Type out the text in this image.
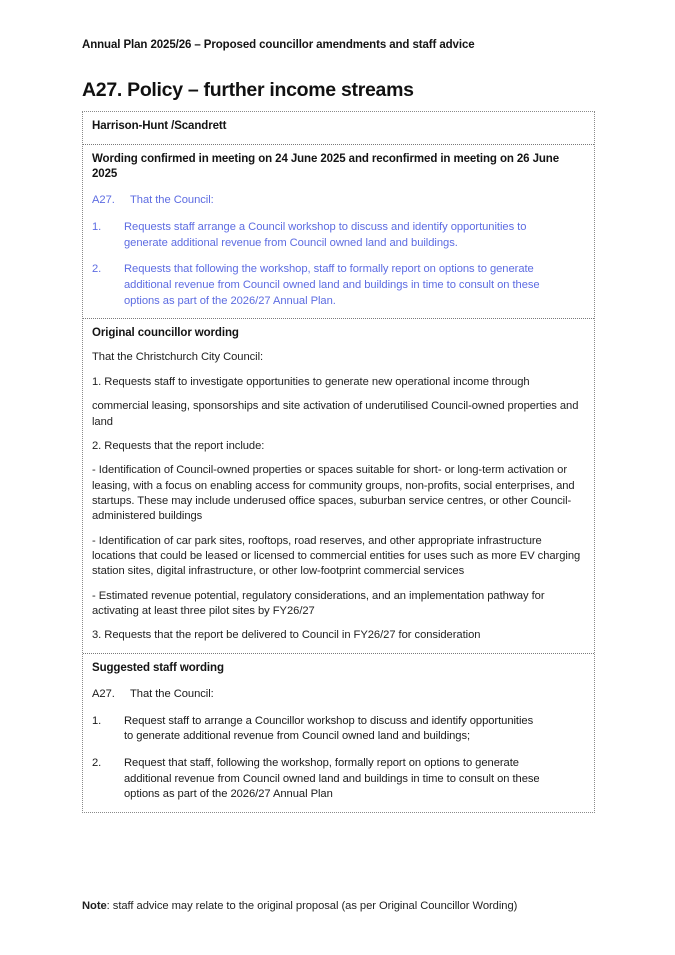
Annual Plan 2025/26 – Proposed councillor amendments and staff advice
A27. Policy – further income streams
Harrison-Hunt /Scandrett
Wording confirmed in meeting on 24 June 2025 and reconfirmed in meeting on 26 June 2025
A27.	That the Council:
1.	Requests staff arrange a Council workshop to discuss and identify opportunities to generate additional revenue from Council owned land and buildings.
2.	Requests that following the workshop, staff to formally report on options to generate additional revenue from Council owned land and buildings in time to consult on these options as part of the 2026/27 Annual Plan.
Original councillor wording

That the Christchurch City Council:

1. Requests staff to investigate opportunities to generate new operational income through

commercial leasing, sponsorships and site activation of underutilised Council-owned properties and land

2. Requests that the report include:

- Identification of Council-owned properties or spaces suitable for short- or long-term activation or leasing, with a focus on enabling access for community groups, non-profits, social enterprises, and startups. These may include underused office spaces, suburban service centres, or other Council-administered buildings

- Identification of car park sites, rooftops, road reserves, and other appropriate infrastructure locations that could be leased or licensed to commercial entities for uses such as more EV charging station sites, digital infrastructure, or other low-footprint commercial services

- Estimated revenue potential, regulatory considerations, and an implementation pathway for activating at least three pilot sites by FY26/27

3. Requests that the report be delivered to Council in FY26/27 for consideration

Suggested staff wording
A27.	That the Council:
1.	Request staff to arrange a Councillor workshop to discuss and identify opportunities to generate additional revenue from Council owned land and buildings;
2.	Request that staff, following the workshop, formally report on options to generate additional revenue from Council owned land and buildings in time to consult on these options as part of the 2026/27 Annual Plan
Note: staff advice may relate to the original proposal (as per Original Councillor Wording)
